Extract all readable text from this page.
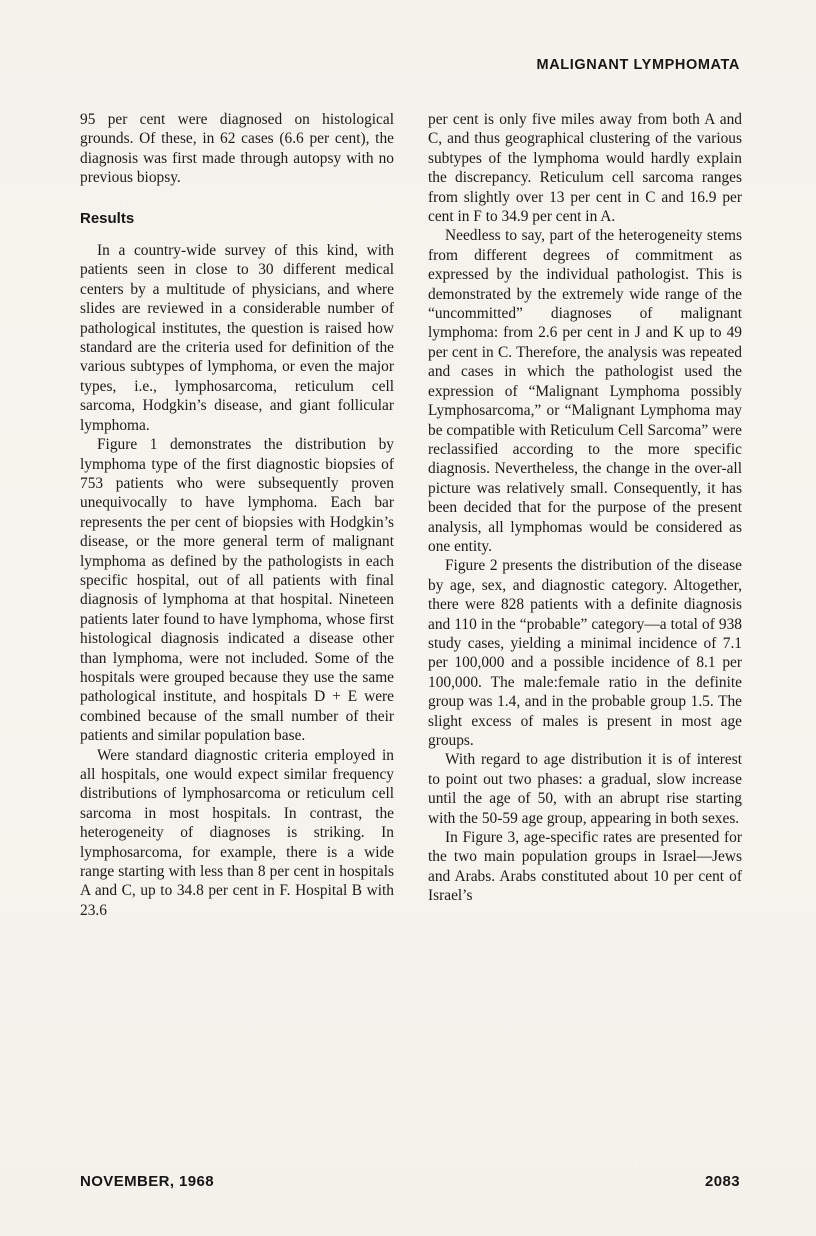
MALIGNANT LYMPHOMATA

95 per cent were diagnosed on histological grounds. Of these, in 62 cases (6.6 per cent), the diagnosis was first made through autopsy with no previous biopsy.

Results

In a country-wide survey of this kind, with patients seen in close to 30 different medical centers by a multitude of physicians, and where slides are reviewed in a considerable number of pathological institutes, the question is raised how standard are the criteria used for definition of the various subtypes of lymphoma, or even the major types, i.e., lymphosarcoma, reticulum cell sarcoma, Hodgkin’s disease, and giant follicular lymphoma.

Figure 1 demonstrates the distribution by lymphoma type of the first diagnostic biopsies of 753 patients who were subsequently proven unequivocally to have lymphoma. Each bar represents the per cent of biopsies with Hodgkin’s disease, or the more general term of malignant lymphoma as defined by the pathologists in each specific hospital, out of all patients with final diagnosis of lymphoma at that hospital. Nineteen patients later found to have lymphoma, whose first histological diagnosis indicated a disease other than lymphoma, were not included. Some of the hospitals were grouped because they use the same pathological institute, and hospitals D + E were combined because of the small number of their patients and similar population base.

Were standard diagnostic criteria employed in all hospitals, one would expect similar frequency distributions of lymphosarcoma or reticulum cell sarcoma in most hospitals. In contrast, the heterogeneity of diagnoses is striking. In lymphosarcoma, for example, there is a wide range starting with less than 8 per cent in hospitals A and C, up to 34.8 per cent in F. Hospital B with 23.6

per cent is only five miles away from both A and C, and thus geographical clustering of the various subtypes of the lymphoma would hardly explain the discrepancy. Reticulum cell sarcoma ranges from slightly over 13 per cent in C and 16.9 per cent in F to 34.9 per cent in A.

Needless to say, part of the heterogeneity stems from different degrees of commitment as expressed by the individual pathologist. This is demonstrated by the extremely wide range of the “uncommitted” diagnoses of malignant lymphoma: from 2.6 per cent in J and K up to 49 per cent in C. Therefore, the analysis was repeated and cases in which the pathologist used the expression of “Malignant Lymphoma possibly Lymphosarcoma,” or “Malignant Lymphoma may be compatible with Reticulum Cell Sarcoma” were reclassified according to the more specific diagnosis. Nevertheless, the change in the over-all picture was relatively small. Consequently, it has been decided that for the purpose of the present analysis, all lymphomas would be considered as one entity.

Figure 2 presents the distribution of the disease by age, sex, and diagnostic category. Altogether, there were 828 patients with a definite diagnosis and 110 in the “probable” category—a total of 938 study cases, yielding a minimal incidence of 7.1 per 100,000 and a possible incidence of 8.1 per 100,000. The male:female ratio in the definite group was 1.4, and in the probable group 1.5. The slight excess of males is present in most age groups.

With regard to age distribution it is of interest to point out two phases: a gradual, slow increase until the age of 50, with an abrupt rise starting with the 50-59 age group, appearing in both sexes.

In Figure 3, age-specific rates are presented for the two main population groups in Israel—Jews and Arabs. Arabs constituted about 10 per cent of Israel’s

NOVEMBER, 1968	2083
